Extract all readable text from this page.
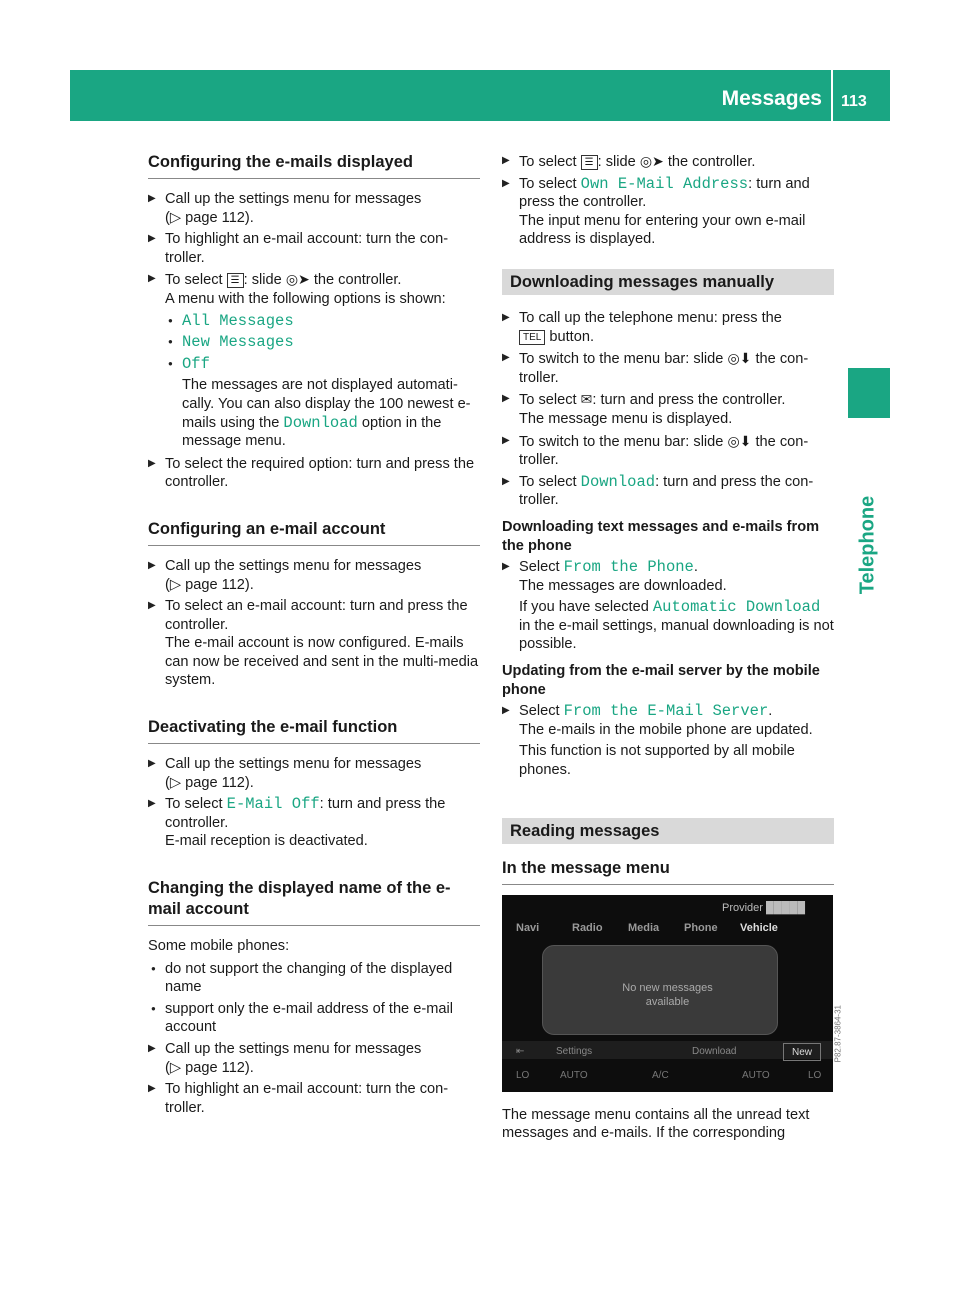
Messages 113
Telephone
Configuring the e-mails displayed
▶ Call up the settings menu for messages
(▷ page 112).
▶ To highlight an e-mail account: turn the con-troller.
▶ To select ☰ : slide ◎➤ the controller.
A menu with the following options is shown:
● All Messages
● New Messages
● Off
The messages are not displayed automati-cally. You can also display the 100 newest e-mails using the Download option in the message menu.
▶ To select the required option: turn and press the controller.
Configuring an e-mail account
▶ Call up the settings menu for messages
(▷ page 112).
▶ To select an e-mail account: turn and press the controller.
The e-mail account is now configured. E-mails can now be received and sent in the multi-media system.
Deactivating the e-mail function
▶ Call up the settings menu for messages
(▷ page 112).
▶ To select E-Mail Off: turn and press the controller.
E-mail reception is deactivated.
Changing the displayed name of the e-mail account
Some mobile phones:
● do not support the changing of the displayed name
● support only the e-mail address of the e-mail account
▶ Call up the settings menu for messages
(▷ page 112).
▶ To highlight an e-mail account: turn the con-troller.
▶ To select ☰ : slide ◎➤ the controller.
▶ To select Own E-Mail Address: turn and press the controller.
The input menu for entering your own e-mail address is displayed.
Downloading messages manually
▶ To call up the telephone menu: press the
TEL button.
▶ To switch to the menu bar: slide ◎⬇ the con-troller.
▶ To select ✉: turn and press the controller.
The message menu is displayed.
▶ To switch to the menu bar: slide ◎⬇ the con-troller.
▶ To select Download: turn and press the con-troller.
Downloading text messages and e-mails from the phone
▶ Select From the Phone.
The messages are downloaded.
If you have selected Automatic Download in the e-mail settings, manual downloading is not possible.
Updating from the e-mail server by the mobile phone
▶ Select From the E-Mail Server.
The e-mails in the mobile phone are updated.
This function is not supported by all mobile phones.
Reading messages
In the message menu
Provider █████
Navi	Radio	Media	Phone	Vehicle
No new messages
available
⇤	Settings	Download	New
LO	AUTO	A/C	AUTO	LO
P82.87-3864-31
The message menu contains all the unread text messages and e-mails. If the corresponding
